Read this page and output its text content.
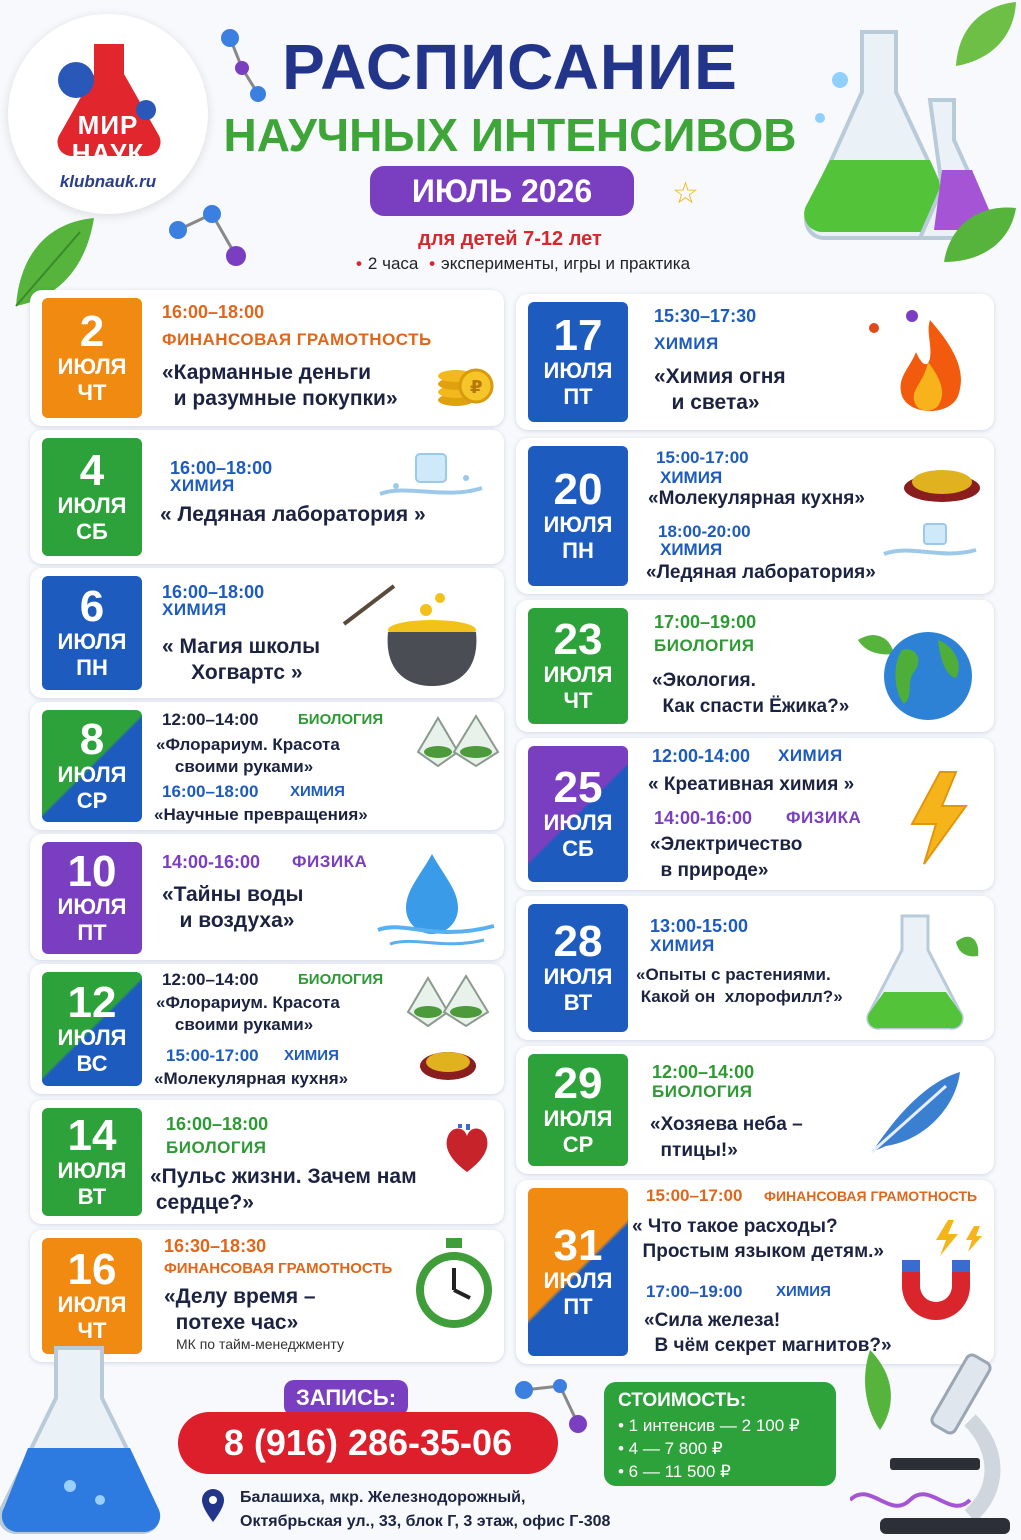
МИР
НАУК
klubnauk.ru
РАСПИСАНИЕ
НАУЧНЫХ ИНТЕНСИВОВ
ИЮЛЬ 2026
для детей 7-12 лет
• 2 часа • эксперименты, игры и практика
☆
2
ИЮЛЯ
ЧТ
16:00–18:00
ФИНАНСОВАЯ ГРАМОТНОСТЬ
«Карманные деньги
и разумные покупки»	₽
4
ИЮЛЯ
СБ
16:00–18:00
ХИМИЯ
« Ледяная лаборатория »
6
ИЮЛЯ
ПН
16:00–18:00
ХИМИЯ
« Магия школы
Хогвартс »
8
ИЮЛЯ
СР
12:00–14:00	БИОЛОГИЯ
«Флорариум. Красота
своими руками»
16:00–18:00 ХИМИЯ
«Научные превращения»
10
ИЮЛЯ
ПТ
14:00-16:00 ФИЗИКА
«Тайны воды
и воздуха»
12
ИЮЛЯ
ВС
12:00–14:00	БИОЛОГИЯ
«Флорариум. Красота
своими руками»
15:00-17:00 ХИМИЯ
«Молекулярная кухня»
14
ИЮЛЯ
ВТ
16:00–18:00
БИОЛОГИЯ
«Пульс жизни. Зачем нам
сердце?»
16
ИЮЛЯ
ЧТ
16:30–18:30
ФИНАНСОВАЯ ГРАМОТНОСТЬ
«Делу время –
потехе час»
МК по тайм-менеджменту
17
ИЮЛЯ
ПТ
15:30–17:30
ХИМИЯ
«Химия огня
и света»
20
ИЮЛЯ
ПН
15:00-17:00
ХИМИЯ
«Молекулярная кухня»
18:00-20:00
ХИМИЯ
«Ледяная лаборатория»
23
ИЮЛЯ
ЧТ
17:00–19:00
БИОЛОГИЯ
«Экология.
Как спасти Ёжика?»
25
ИЮЛЯ
СБ
12:00-14:00 ХИМИЯ
« Креативная химия »
14:00-16:00 ФИЗИКА
«Электричество
в природе»
28
ИЮЛЯ
ВТ
13:00-15:00
ХИМИЯ
«Опыты с растениями.
Какой он  хлорофилл?»
29
ИЮЛЯ
СР
12:00–14:00
БИОЛОГИЯ
«Хозяева неба –
птицы!»
31
ИЮЛЯ
ПТ
15:00–17:00 ФИНАНСОВАЯ ГРАМОТНОСТЬ
« Что такое расходы?
Простым языком детям.»
17:00–19:00 ХИМИЯ
«Сила железа!
В чём секрет магнитов?»
ЗАПИСЬ:
8 (916) 286-35-06
СТОИМОСТЬ:
• 1 интенсив — 2 100 ₽
• 4 — 7 800 ₽
• 6 — 11 500 ₽
Балашиха, мкр. Железнодорожный,
Октябрьская ул., 33, блок Г, 3 этаж, офис Г-308
